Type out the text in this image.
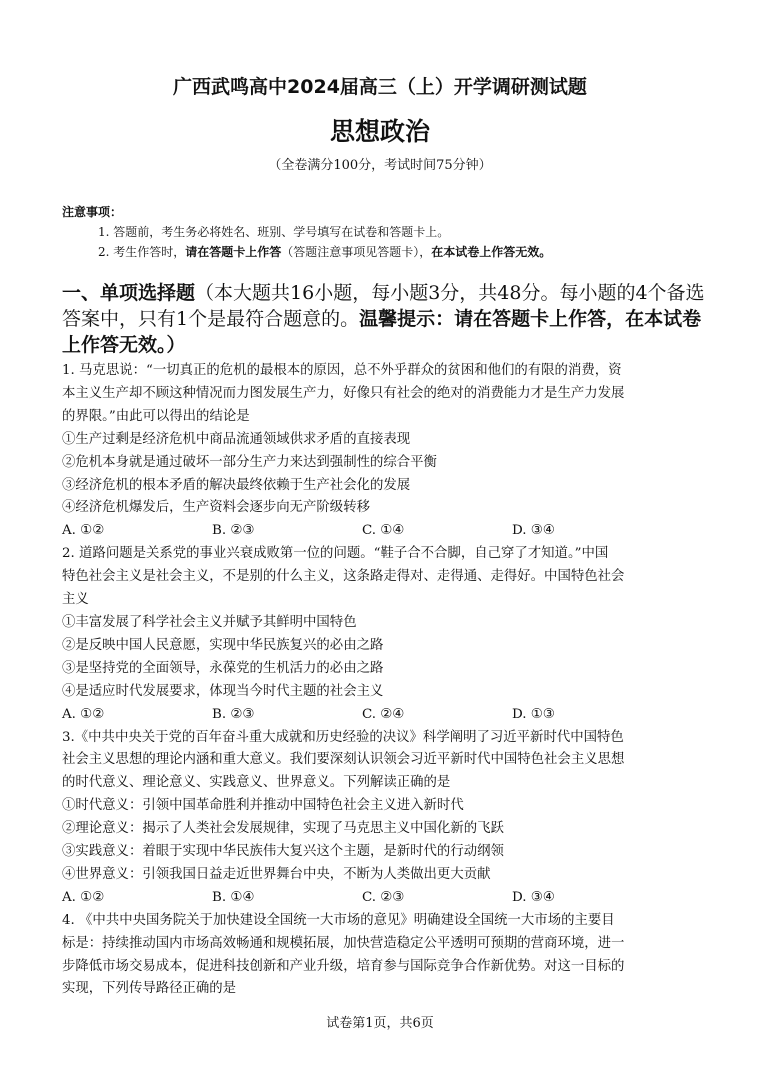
广西武鸣高中2024届高三（上）开学调研测试题
思想政治
（全卷满分100分，考试时间75分钟）
注意事项：
1. 答题前，考生务必将姓名、班别、学号填写在试卷和答题卡上。
2. 考生作答时，请在答题卡上作答（答题注意事项见答题卡），在本试卷上作答无效。
一、单项选择题（本大题共16小题，每小题3分，共48分。每小题的4个备选答案中，只有1个是最符合题意的。温馨提示：请在答题卡上作答，在本试卷上作答无效。）
1. 马克思说：“一切真正的危机的最根本的原因，总不外乎群众的贫困和他们的有限的消费，资
本主义生产却不顾这种情况而力图发展生产力，好像只有社会的绝对的消费能力才是生产力发展
的界限。”由此可以得出的结论是
①生产过剩是经济危机中商品流通领域供求矛盾的直接表现
②危机本身就是通过破坏一部分生产力来达到强制性的综合平衡
③经济危机的根本矛盾的解决最终依赖于生产社会化的发展
④经济危机爆发后，生产资料会逐步向无产阶级转移
A. ①②	B. ②③	C. ①④	D. ③④
2. 道路问题是关系党的事业兴衰成败第一位的问题。“鞋子合不合脚，自己穿了才知道。”中国
特色社会主义是社会主义，不是别的什么主义，这条路走得对、走得通、走得好。中国特色社会
主义
①丰富发展了科学社会主义并赋予其鲜明中国特色
②是反映中国人民意愿，实现中华民族复兴的必由之路
③是坚持党的全面领导，永葆党的生机活力的必由之路
④是适应时代发展要求，体现当今时代主题的社会主义
A. ①②	B. ②③	C. ②④	D. ①③
3.《中共中央关于党的百年奋斗重大成就和历史经验的决议》科学阐明了习近平新时代中国特色
社会主义思想的理论内涵和重大意义。我们要深刻认识领会习近平新时代中国特色社会主义思想
的时代意义、理论意义、实践意义、世界意义。下列解读正确的是
①时代意义：引领中国革命胜利并推动中国特色社会主义进入新时代
②理论意义：揭示了人类社会发展规律，实现了马克思主义中国化新的飞跃
③实践意义：着眼于实现中华民族伟大复兴这个主题，是新时代的行动纲领
④世界意义：引领我国日益走近世界舞台中央，不断为人类做出更大贡献
A. ①②	B. ①④	C. ②③	D. ③④
4. 《中共中央国务院关于加快建设全国统一大市场的意见》明确建设全国统一大市场的主要目
标是：持续推动国内市场高效畅通和规模拓展，加快营造稳定公平透明可预期的营商环境，进一
步降低市场交易成本，促进科技创新和产业升级，培育参与国际竞争合作新优势。对这一目标的
实现，下列传导路径正确的是
试卷第1页，共6页
